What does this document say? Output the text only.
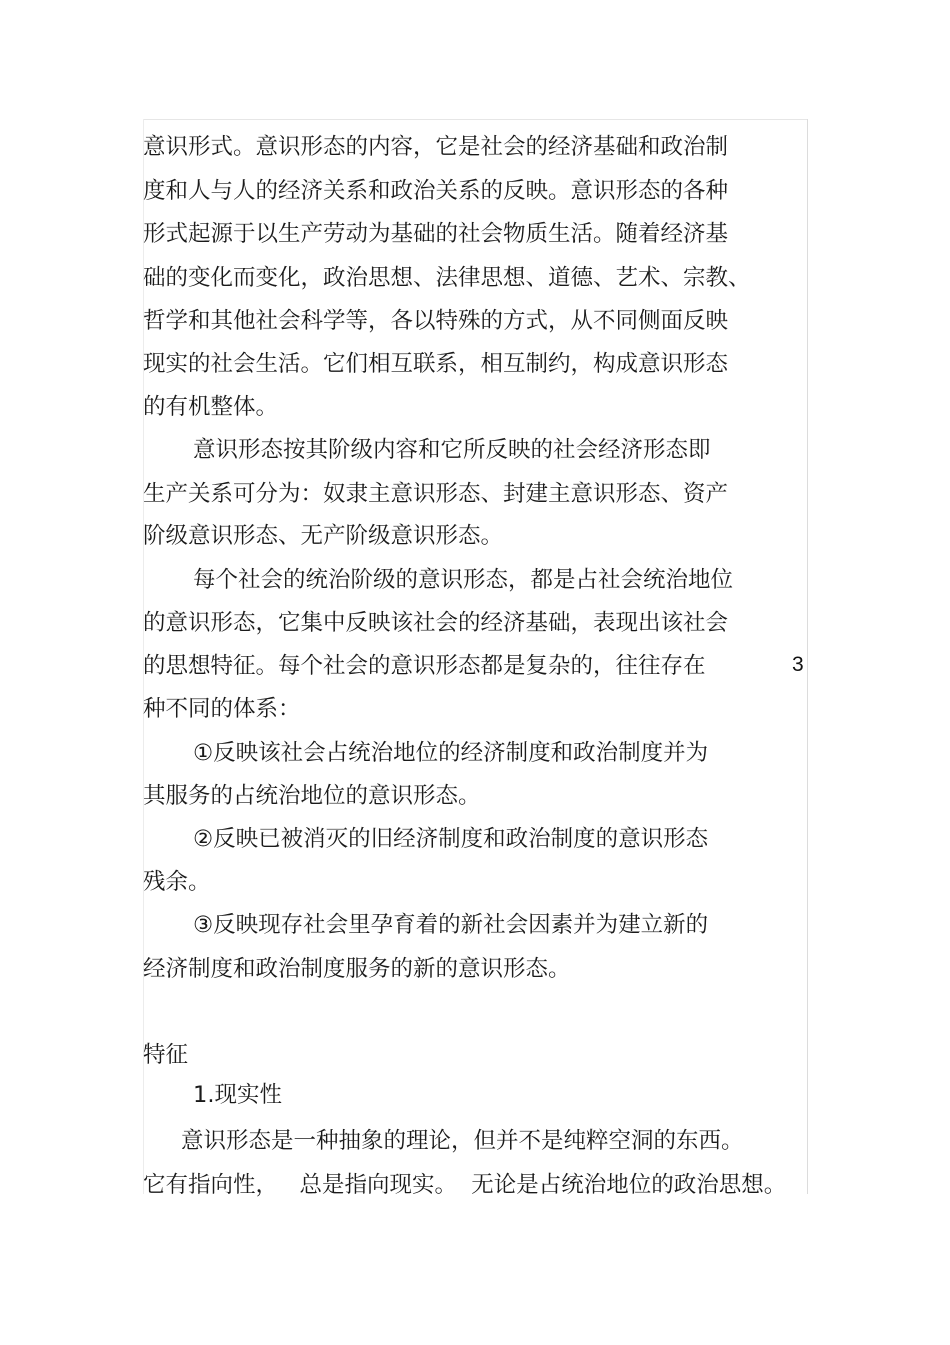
意识形式。意识形态的内容，它是社会的经济基础和政治制

度和人与人的经济关系和政治关系的反映。意识形态的各种

形式起源于以生产劳动为基础的社会物质生活。随着经济基

础的变化而变化，政治思想、法律思想、道德、艺术、宗教、

哲学和其他社会科学等，各以特殊的方式，从不同侧面反映

现实的社会生活。它们相互联系，相互制约，构成意识形态

的有机整体。

意识形态按其阶级内容和它所反映的社会经济形态即

生产关系可分为：奴隶主意识形态、封建主意识形态、资产

阶级意识形态、无产阶级意识形态。

每个社会的统治阶级的意识形态，都是占社会统治地位

的意识形态，它集中反映该社会的经济基础，表现出该社会

的思想特征。每个社会的意识形态都是复杂的，往往存在

种不同的体系：

①反映该社会占统治地位的经济制度和政治制度并为

其服务的占统治地位的意识形态。

②反映已被消灭的旧经济制度和政治制度的意识形态

残余。

③反映现存社会里孕育着的新社会因素并为建立新的

经济制度和政治制度服务的新的意识形态。

特征

1.现实性

意识形态是一种抽象的理论，但并不是纯粹空洞的东西。

它有指向性，   总是指向现实。  无论是占统治地位的政治思想。

3
